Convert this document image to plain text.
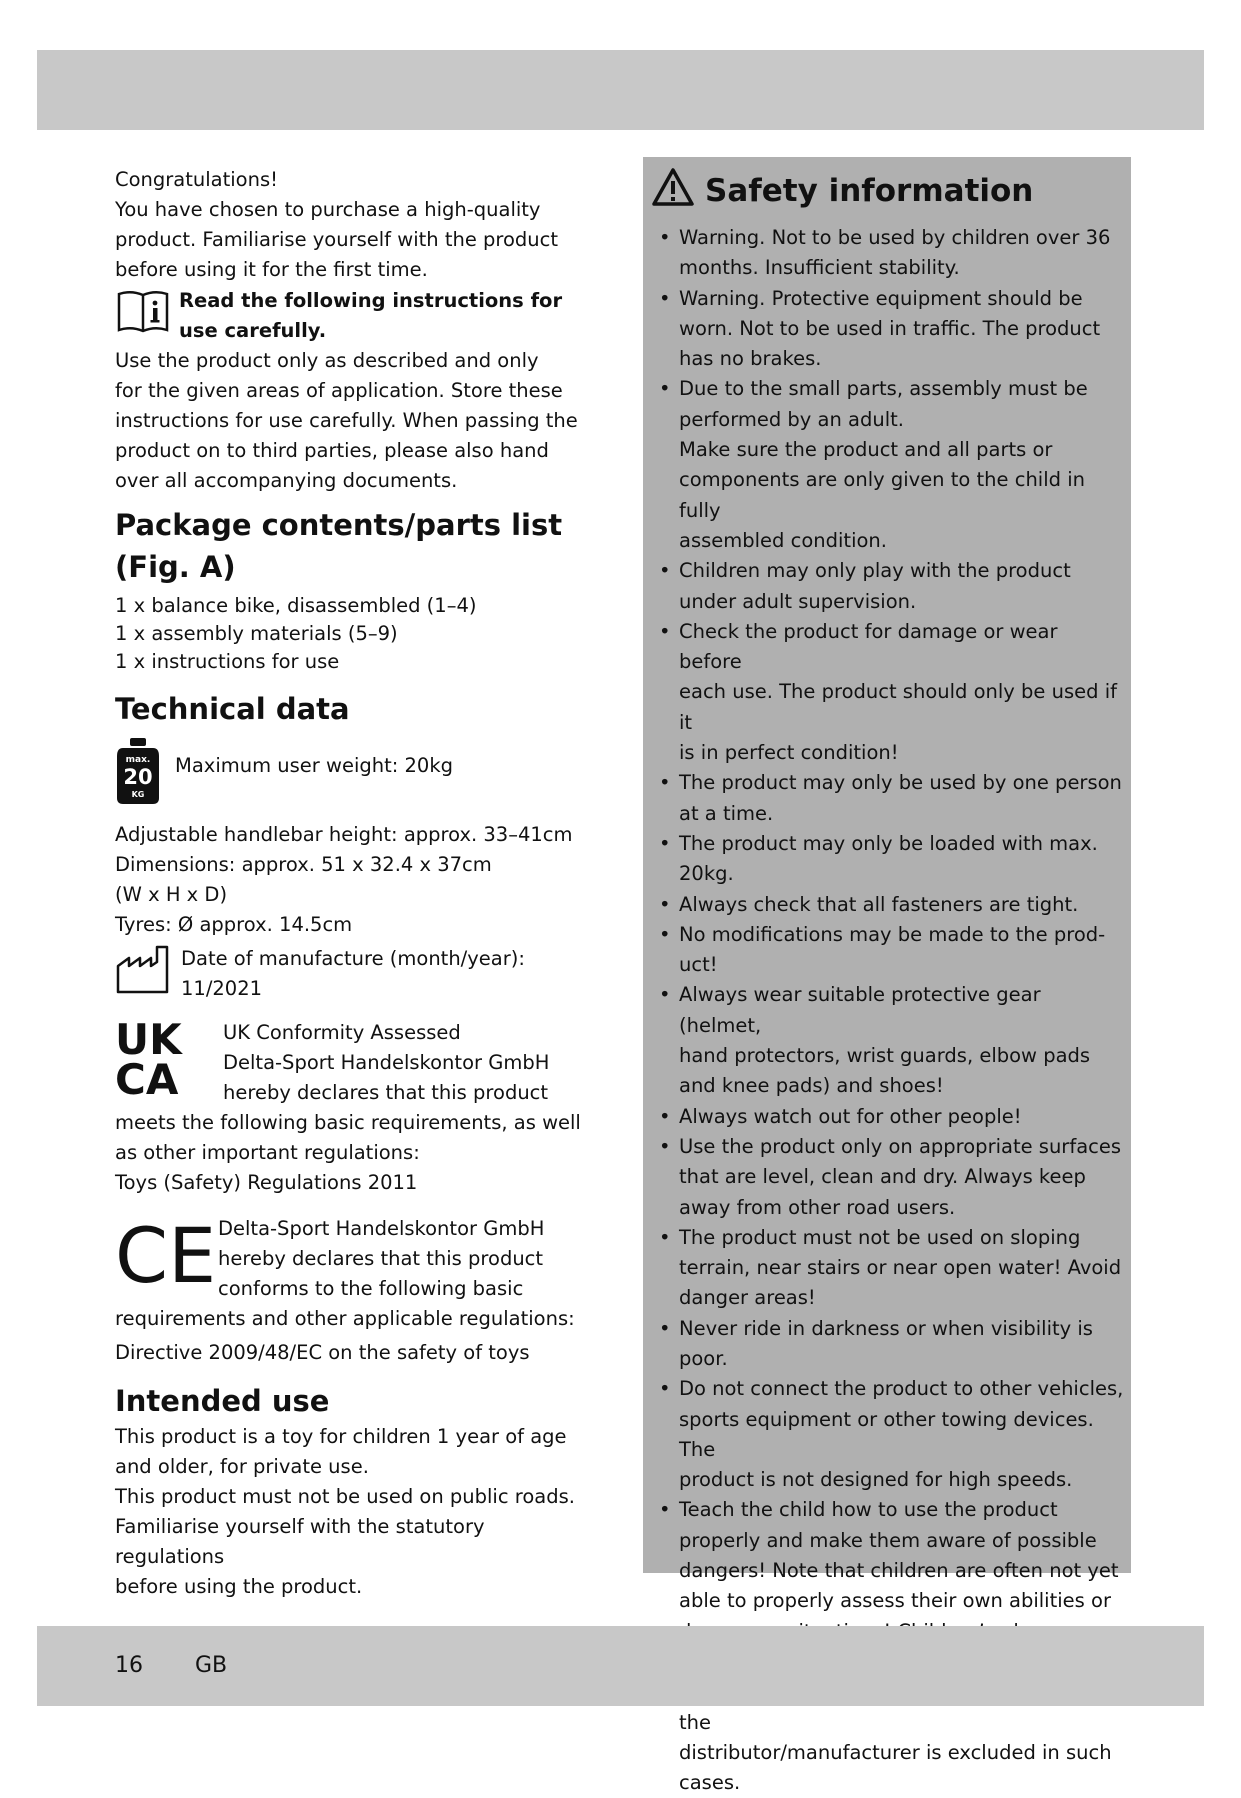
Congratulations!

You have chosen to purchase a high-quality

product. Familiarise yourself with the product

before using it for the first time.

Read the following instructions for

use carefully.

Use the product only as described and only

for the given areas of application. Store these

instructions for use carefully. When passing the

product on to third parties, please also hand

over all accompanying documents.

Package contents/parts list

(Fig. A)

1 x balance bike, disassembled (1–4)
1 x assembly materials (5–9)
1 x instructions for use

Technical data

max.
20
KG

Maximum user weight: 20kg

Adjustable handlebar height: approx. 33–41cm

Dimensions: approx. 51 x 32.4 x 37cm

(W x H x D)

Tyres: Ø approx. 14.5cm

Date of manufacture (month/year):

11/2021

UK
CA

UK Conformity Assessed

Delta-Sport Handelskontor GmbH

hereby declares that this product

meets the following basic requirements, as well

as other important regulations:

Toys (Safety) Regulations 2011

CE Delta-Sport Handelskontor GmbH

hereby declares that this product

conforms to the following basic

requirements and other applicable regulations:

Directive 2009/48/EC on the safety of toys

Intended use

This product is a toy for children 1 year of age

and older, for private use.

This product must not be used on public roads.

Familiarise yourself with the statutory regulations

before using the product.

Safety information
• Warning. Not to be used by children over 36
months. Insufficient stability.
• Warning. Protective equipment should be
worn. Not to be used in traffic. The product
has no brakes.
• Due to the small parts, assembly must be
performed by an adult.
Make sure the product and all parts or
components are only given to the child in fully
assembled condition.
• Children may only play with the product
under adult supervision.
• Check the product for damage or wear before
each use. The product should only be used if it
is in perfect condition!
• The product may only be used by one person
at a time.
• The product may only be loaded with max.
20kg.
• Always check that all fasteners are tight.
• No modifications may be made to the prod-
uct!
• Always wear suitable protective gear (helmet,
hand protectors, wrist guards, elbow pads
and knee pads) and shoes!
• Always watch out for other people!
• Use the product only on appropriate surfaces
that are level, clean and dry. Always keep
away from other road users.
• The product must not be used on sloping
terrain, near stairs or near open water! Avoid
danger areas!
• Never ride in darkness or when visibility is
poor.
• Do not connect the product to other vehicles,
sports equipment or other towing devices. The
product is not designed for high speeds.
• Teach the child how to use the product
properly and make them aware of possible
dangers! Note that children are often not yet
able to properly assess their own abilities or
the
distributor/manufacturer is excluded in such
cases.
16 GB
